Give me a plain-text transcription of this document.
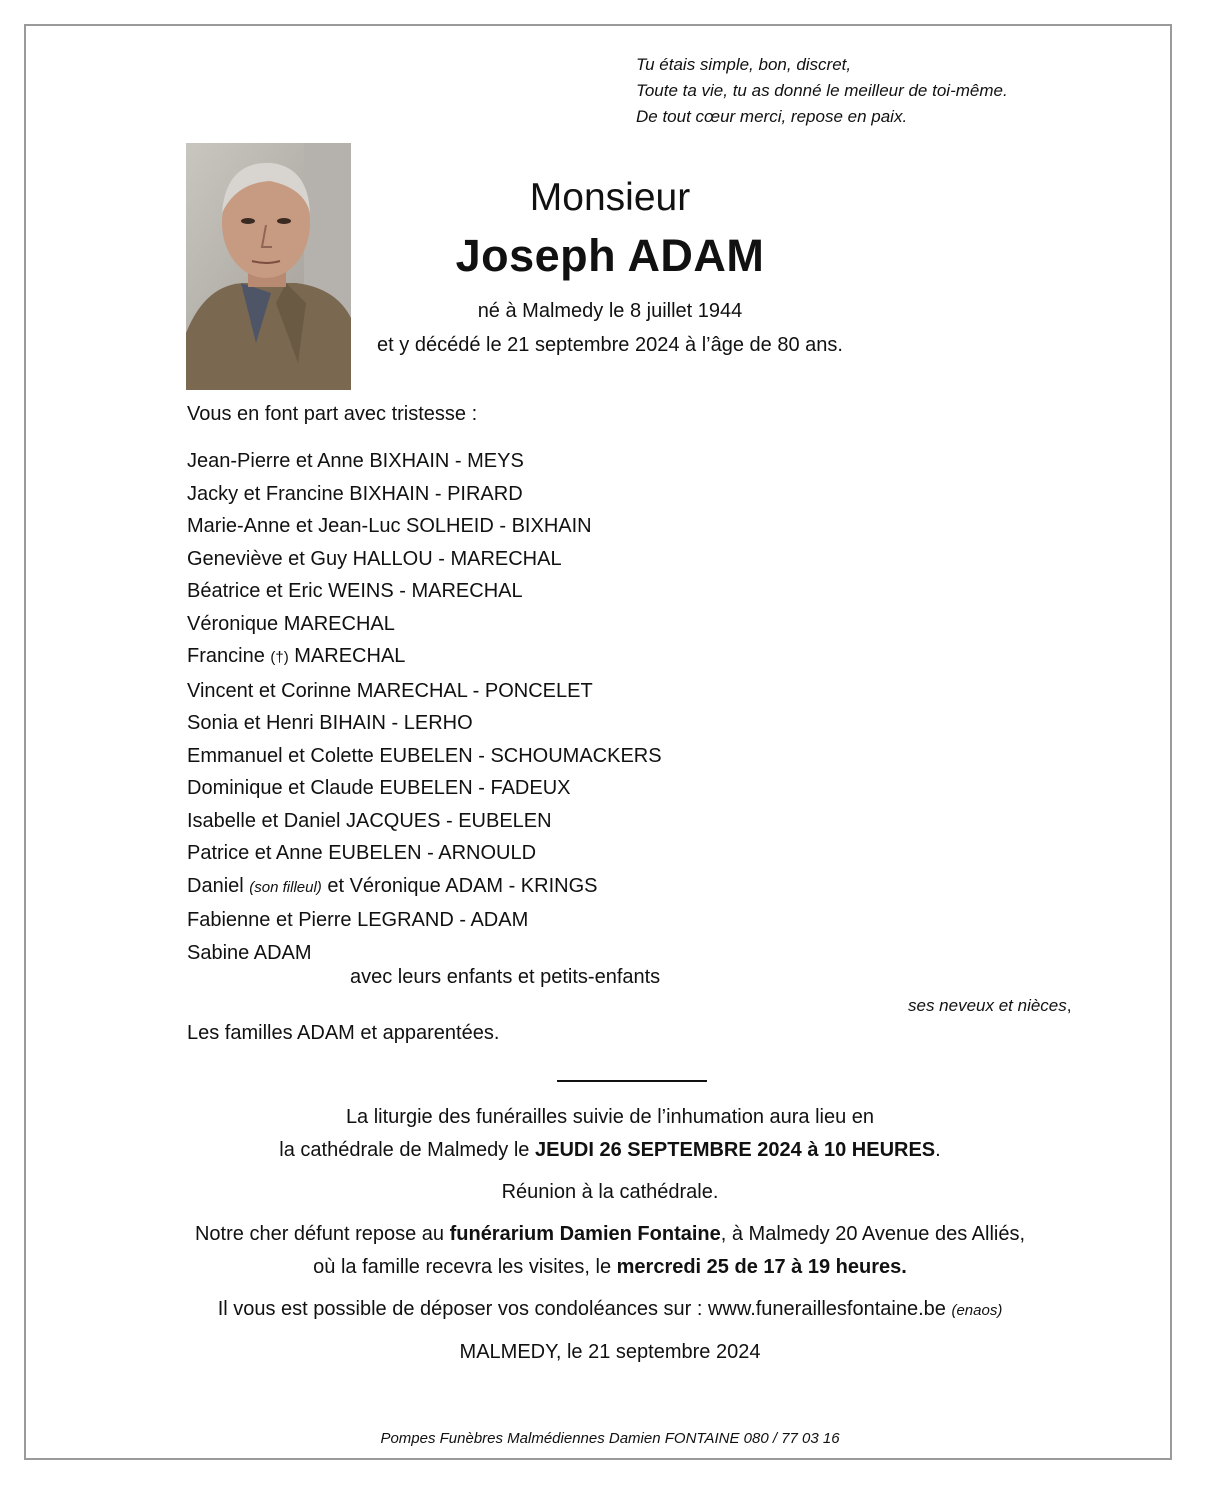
Tu étais simple, bon, discret,
Toute ta vie, tu as donné le meilleur de toi-même.
De tout cœur merci, repose en paix.
Monsieur
Joseph ADAM
né à Malmedy le 8 juillet 1944
et y décédé le 21 septembre 2024 à l’âge de 80 ans.
Vous en font part avec tristesse :
Jean-Pierre et Anne BIXHAIN - MEYS
Jacky et Francine BIXHAIN - PIRARD
Marie-Anne et Jean-Luc SOLHEID - BIXHAIN
Geneviève et Guy HALLOU - MARECHAL
Béatrice et Eric WEINS - MARECHAL
Véronique MARECHAL
Francine (†) MARECHAL
Vincent et Corinne MARECHAL - PONCELET
Sonia et Henri BIHAIN - LERHO
Emmanuel et Colette EUBELEN - SCHOUMACKERS
Dominique et Claude EUBELEN - FADEUX
Isabelle et Daniel JACQUES - EUBELEN
Patrice et Anne EUBELEN - ARNOULD
Daniel (son filleul) et Véronique ADAM - KRINGS
Fabienne et Pierre LEGRAND - ADAM
Sabine ADAM
avec leurs enfants et petits-enfants
ses neveux et nièces,
Les familles ADAM et apparentées.
La liturgie des funérailles suivie de l’inhumation aura lieu en
la cathédrale de Malmedy le JEUDI 26 SEPTEMBRE 2024 à 10 HEURES.
Réunion à la cathédrale.
Notre cher défunt repose au funérarium Damien Fontaine, à Malmedy 20 Avenue des Alliés,
où la famille recevra les visites, le mercredi 25 de 17 à 19 heures.
Il vous est possible de déposer vos condoléances sur : www.funeraillesfontaine.be (enaos)
MALMEDY, le 21 septembre 2024
Pompes Funèbres Malmédiennes Damien FONTAINE 080 / 77 03 16
